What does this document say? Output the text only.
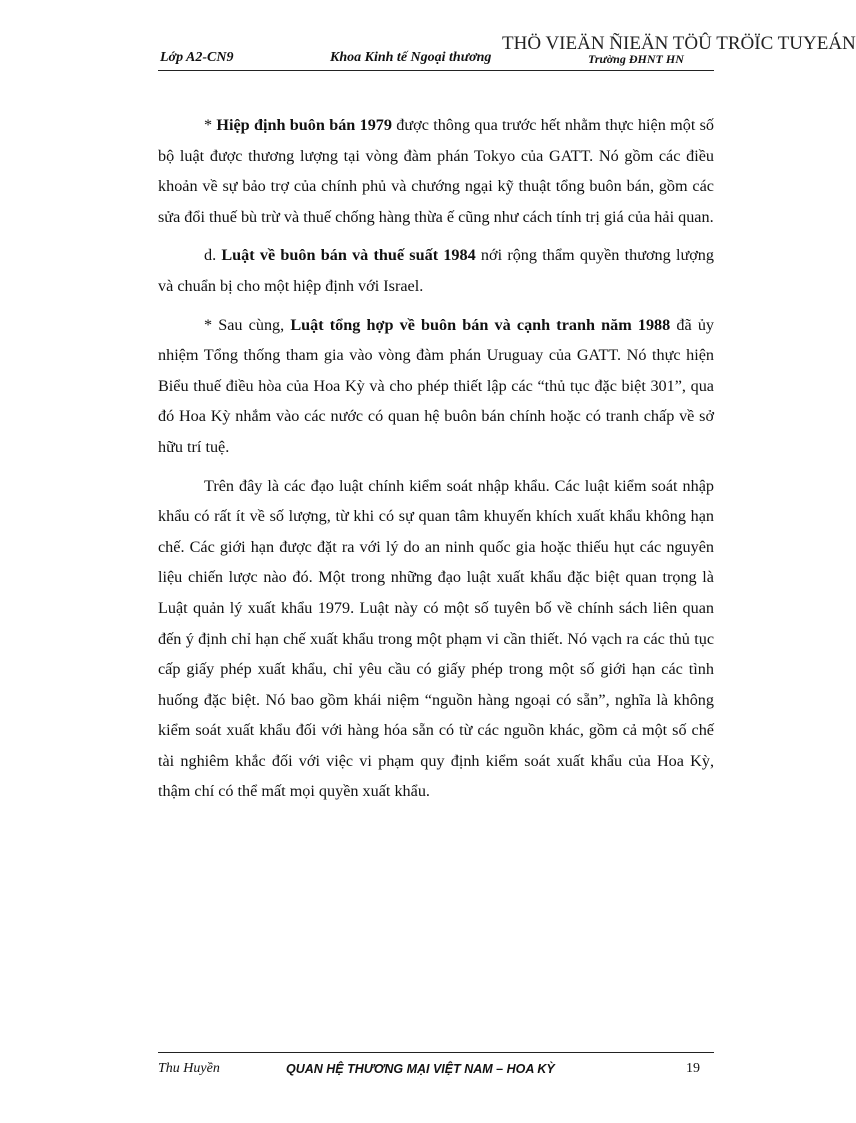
THÖ VIEÄN ÑIEÄN TÖÛ TRÖÏC TUYEÁN
Lớp A2-CN9	Khoa Kinh tế Ngoại thương	Trường ĐHNT HN

* Hiệp định buôn bán 1979 được thông qua trước hết nhằm thực hiện một số bộ luật được thương lượng tại vòng đàm phán Tokyo của GATT. Nó gồm các điều khoản về sự bảo trợ của chính phủ và chướng ngại kỹ thuật tổng buôn bán, gồm các sửa đổi thuế bù trừ và thuế chống hàng thừa ế cũng như cách tính trị giá của hải quan.

d. Luật về buôn bán và thuế suất 1984 nới rộng thẩm quyền thương lượng và chuẩn bị cho một hiệp định với Israel.

* Sau cùng, Luật tổng hợp về buôn bán và cạnh tranh năm 1988 đã ủy nhiệm Tổng thống tham gia vào vòng đàm phán Uruguay của GATT. Nó thực hiện Biểu thuế điều hòa của Hoa Kỳ và cho phép thiết lập các “thủ tục đặc biệt 301”, qua đó Hoa Kỳ nhắm vào các nước có quan hệ buôn bán chính hoặc có tranh chấp về sở hữu trí tuệ.

Trên đây là các đạo luật chính kiểm soát nhập khẩu. Các luật kiểm soát nhập khẩu có rất ít về số lượng, từ khi có sự quan tâm khuyến khích xuất khẩu không hạn chế. Các giới hạn được đặt ra với lý do an ninh quốc gia hoặc thiếu hụt các nguyên liệu chiến lược nào đó. Một trong những đạo luật xuất khẩu đặc biệt quan trọng là Luật quản lý xuất khẩu 1979. Luật này có một số tuyên bố về chính sách liên quan đến ý định chỉ hạn chế xuất khẩu trong một phạm vi cần thiết. Nó vạch ra các thủ tục cấp giấy phép xuất khẩu, chỉ yêu cầu có giấy phép trong một số giới hạn các tình huống đặc biệt. Nó bao gồm khái niệm “nguồn hàng ngoại có sẵn”, nghĩa là không kiểm soát xuất khẩu đối với hàng hóa sẵn có từ các nguồn khác, gồm cả một số chế tài nghiêm khắc đối với việc vi phạm quy định kiểm soát xuất khẩu của Hoa Kỳ, thậm chí có thể mất mọi quyền xuất khẩu.

Thu Huyền	QUAN HỆ THƯƠNG MẠI VIỆT NAM – HOA KỲ	19
